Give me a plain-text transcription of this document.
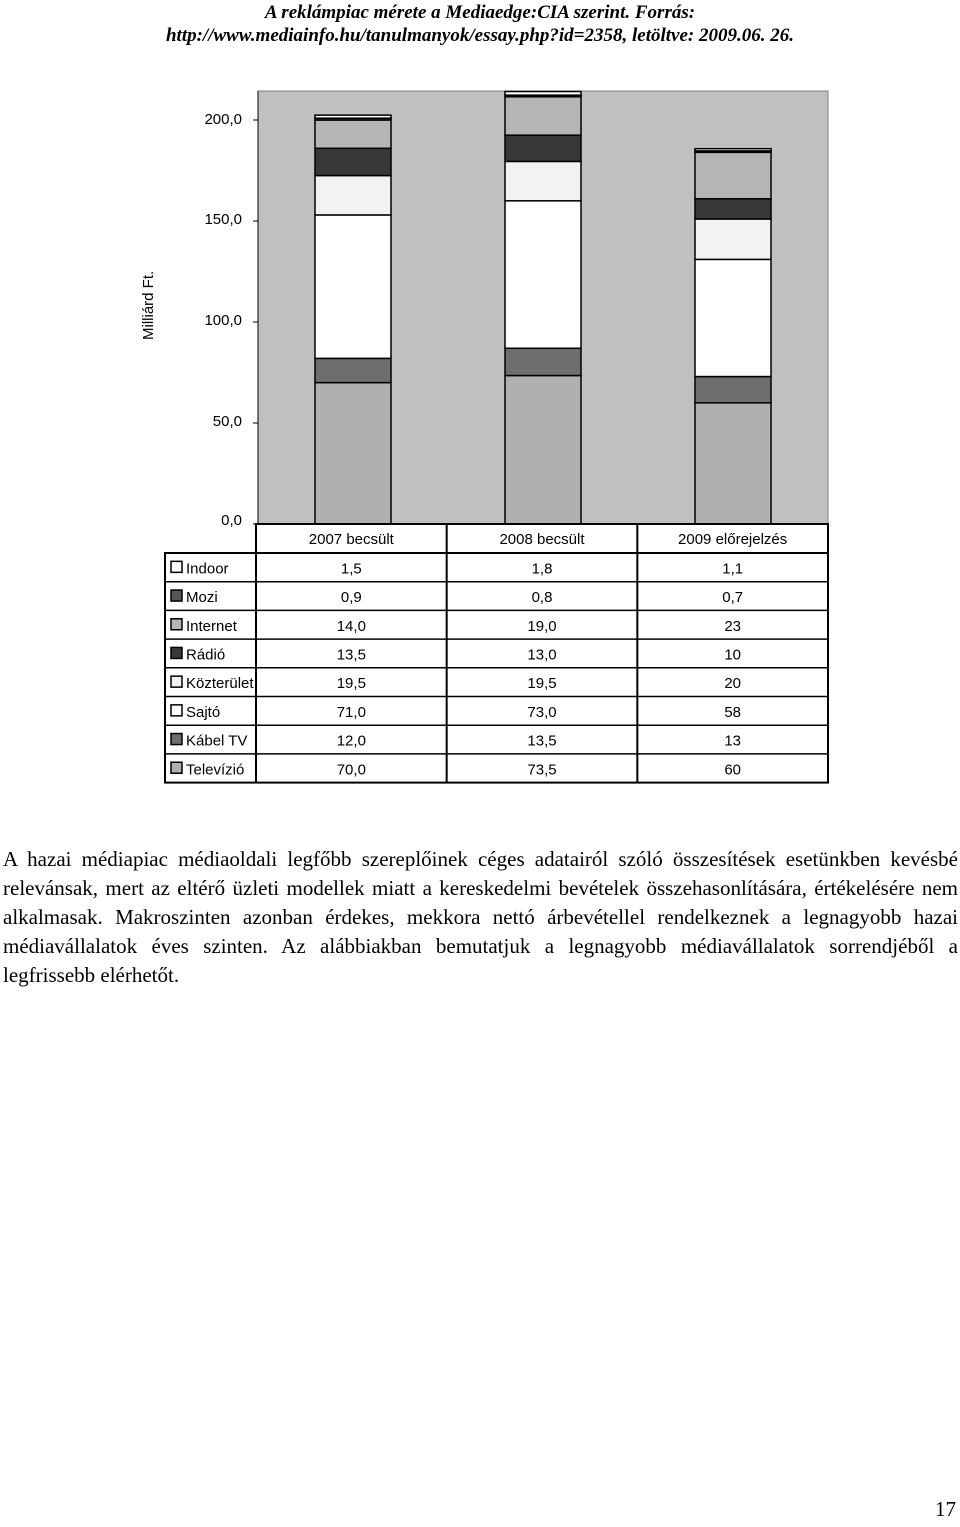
A reklámpiac mérete a Mediaedge:CIA szerint. Forrás:
http://www.mediainfo.hu/tanulmanyok/essay.php?id=2358, letöltve: 2009.06. 26.
Milliárd Ft.
0,0
50,0
100,0
150,0
200,0
2007 becsült	2008 becsült	2009 előrejelzés
Indoor	1,5	1,8	1,1
Mozi	0,9	0,8	0,7
Internet	14,0	19,0	23
Rádió	13,5	13,0	10
Közterület	19,5	19,5	20
Sajtó	71,0	73,0	58
Kábel TV	12,0	13,5	13
Televízió	70,0	73,5	60

A hazai médiapiac médiaoldali legfőbb szereplőinek céges adatairól szóló összesítések esetünkben kevésbé relevánsak, mert az eltérő üzleti modellek miatt a kereskedelmi bevételek összehasonlítására, értékelésére nem alkalmasak. Makroszinten azonban érdekes, mekkora nettó árbevétellel rendelkeznek a legnagyobb hazai médiavállalatok éves szinten. Az alábbiakban bemutatjuk a legnagyobb médiavállalatok sorrendjéből a legfrissebb elérhetőt.

17
